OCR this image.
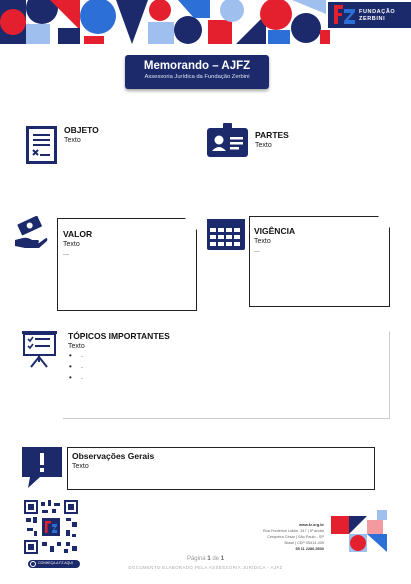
FUNDAÇÃO
ZERBINI
Memorando – AJFZ
Assessoria Jurídica da Fundação Zerbini
OBJETO
Texto
PARTES
Texto
VALOR
Texto
...
VIGÊNCIA
Texto
...
TÓPICOS IMPORTANTES
Texto
• .
• .
• .
Observações Gerais
Texto
CONHEÇA A FZ AQUI
www.fz.org.br
Rua Frederick Lubke, 347 | 5º andar
Cerqueira César | São Paulo - SP
Brasil | CEP 05414-005
55 11 2286-5500
Página 1 de 1
DOCUMENTO ELABORADO PELA ASSESSORIA JURÍDICA - AJFZ
